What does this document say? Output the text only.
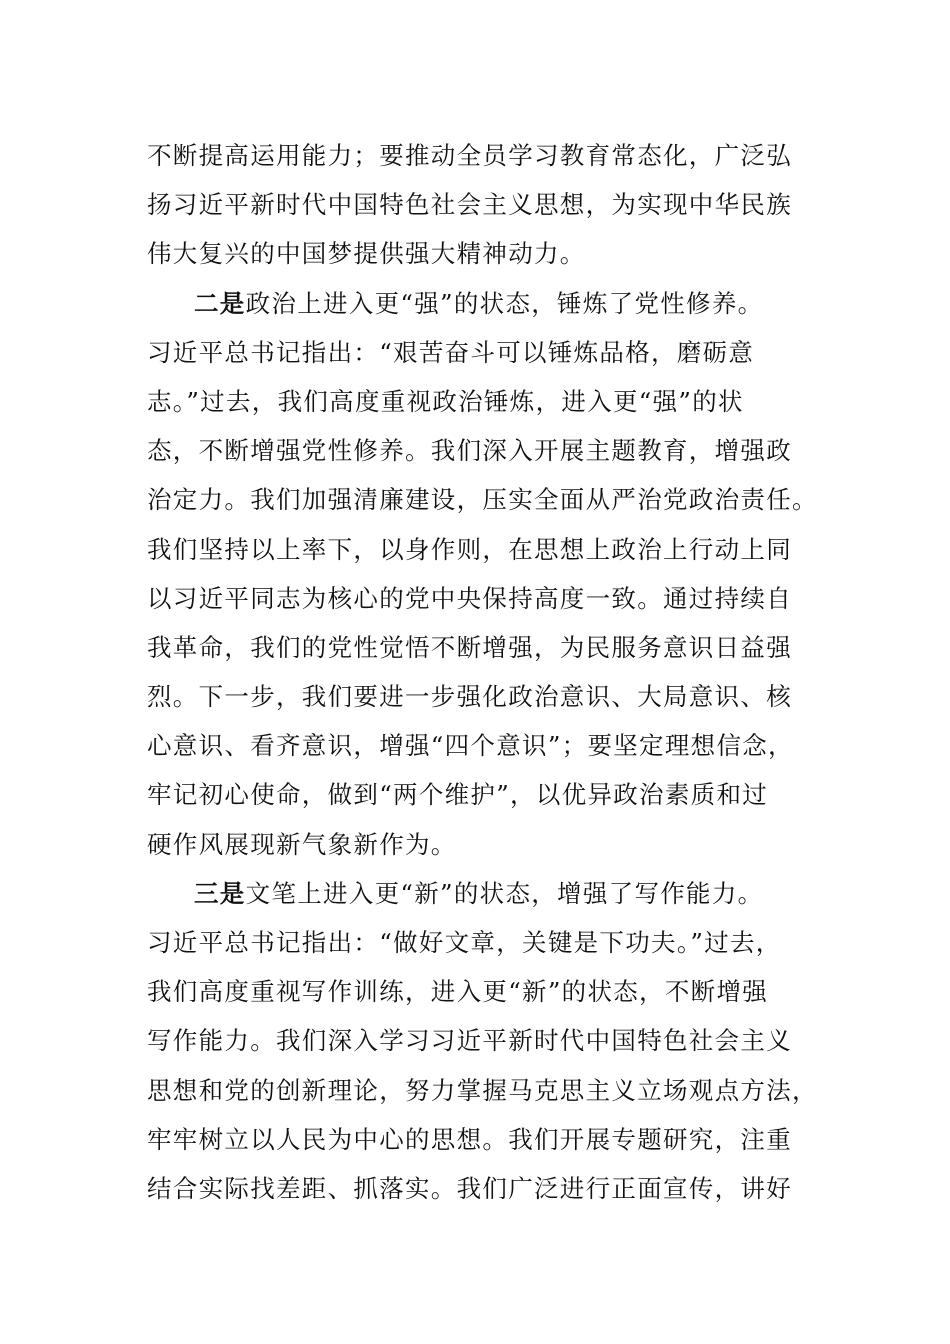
不断提高运用能力；要推动全员学习教育常态化，广泛弘
扬习近平新时代中国特色社会主义思想，为实现中华民族
伟大复兴的中国梦提供强大精神动力。
二是政治上进入更“强”的状态，锤炼了党性修养。
习近平总书记指出：“艰苦奋斗可以锤炼品格，磨砺意
志。”过去，我们高度重视政治锤炼，进入更“强”的状
态，不断增强党性修养。我们深入开展主题教育，增强政
治定力。我们加强清廉建设，压实全面从严治党政治责任。
我们坚持以上率下，以身作则，在思想上政治上行动上同
以习近平同志为核心的党中央保持高度一致。通过持续自
我革命，我们的党性觉悟不断增强，为民服务意识日益强
烈。下一步，我们要进一步强化政治意识、大局意识、核
心意识、看齐意识，增强“四个意识”；要坚定理想信念，
牢记初心使命，做到“两个维护”，以优异政治素质和过
硬作风展现新气象新作为。
三是文笔上进入更“新”的状态，增强了写作能力。
习近平总书记指出：“做好文章，关键是下功夫。”过去，
我们高度重视写作训练，进入更“新”的状态，不断增强
写作能力。我们深入学习习近平新时代中国特色社会主义
思想和党的创新理论，努力掌握马克思主义立场观点方法，
牢牢树立以人民为中心的思想。我们开展专题研究，注重
结合实际找差距、抓落实。我们广泛进行正面宣传，讲好
